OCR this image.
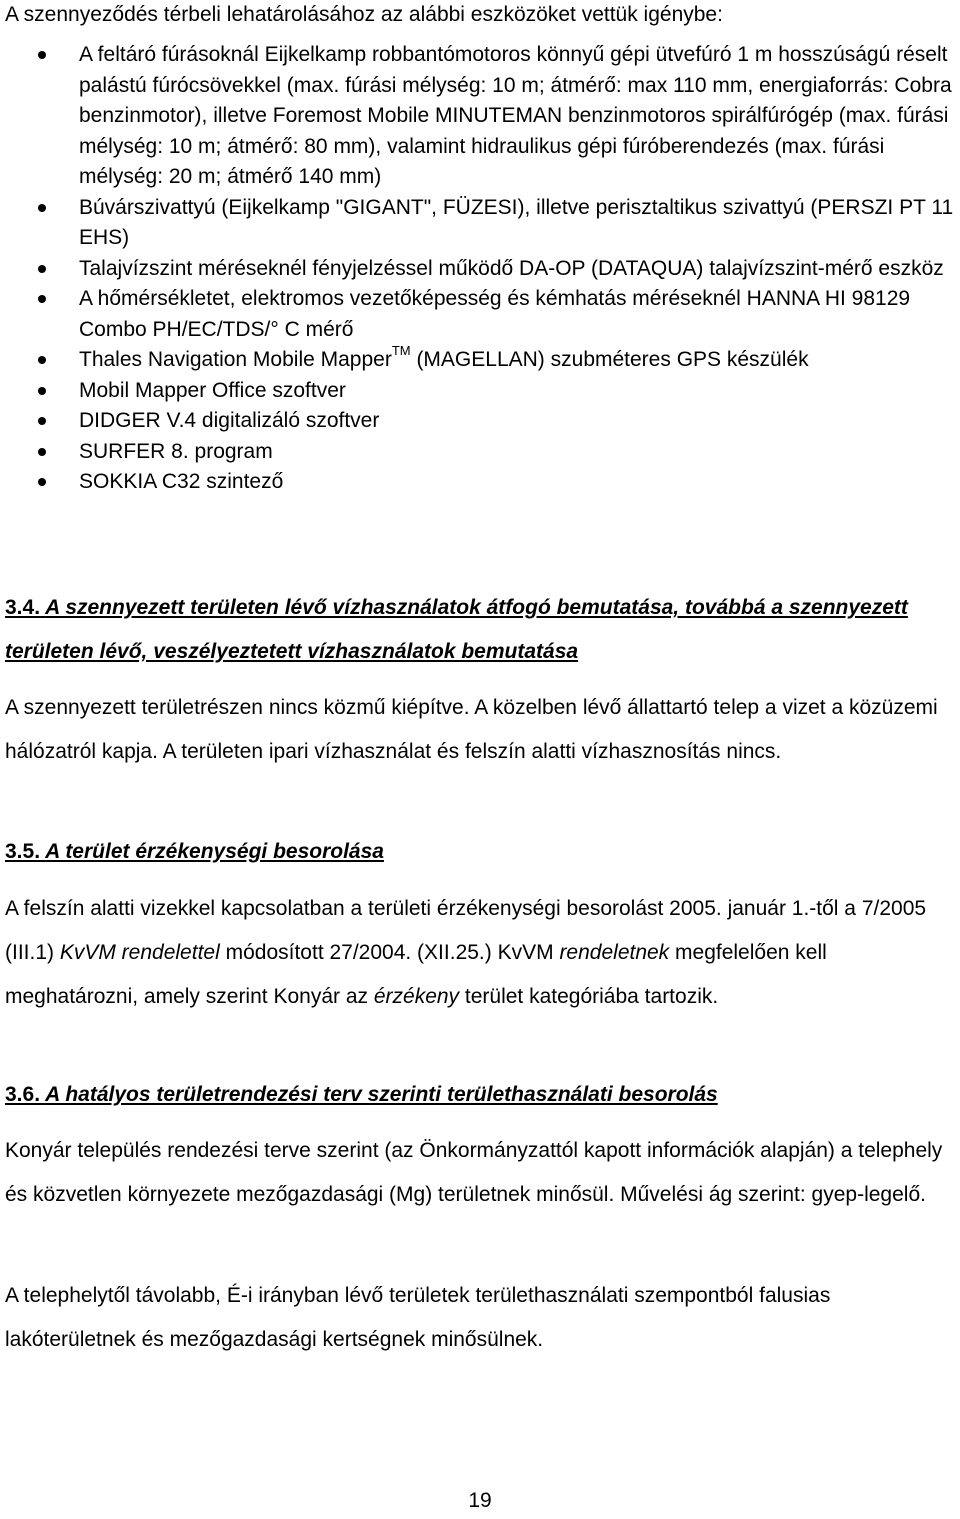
A szennyeződés térbeli lehatárolásához az alábbi eszközöket vettük igénybe:

A feltáró fúrásoknál Eijkelkamp robbantómotoros könnyű gépi ütvefúró 1 m hosszúságú réselt palástú fúrócsövekkel (max. fúrási mélység: 10 m; átmérő: max 110 mm, energiaforrás: Cobra benzinmotor), illetve Foremost Mobile MINUTEMAN benzinmotoros spirálfúrógép (max. fúrási mélység: 10 m; átmérő: 80 mm), valamint hidraulikus gépi fúróberendezés (max. fúrási mélység: 20 m; átmérő 140 mm)
Búvárszivattyú (Eijkelkamp "GIGANT", FÜZESI), illetve perisztaltikus szivattyú (PERSZI PT 11 EHS)
Talajvízszint méréseknél fényjelzéssel működő DA-OP (DATAQUA) talajvízszint-mérő eszköz
A hőmérsékletet, elektromos vezetőképesség és kémhatás méréseknél HANNA HI 98129 Combo PH/EC/TDS/° C mérő
Thales Navigation Mobile Mapper™ (MAGELLAN) szubméteres GPS készülék
Mobil Mapper Office szoftver
DIDGER V.4 digitalizáló szoftver
SURFER 8. program
SOKKIA C32 szintező
3.4. A szennyezett területen lévő vízhasználatok átfogó bemutatása, továbbá a szennyezett területen lévő, veszélyeztetett vízhasználatok bemutatása

A szennyezett területrészen nincs közmű kiépítve. A közelben lévő állattartó telep a vizet a közüzemi hálózatról kapja. A területen ipari vízhasználat és felszín alatti vízhasznosítás nincs.

3.5. A terület érzékenységi besorolása

A felszín alatti vizekkel kapcsolatban a területi érzékenységi besorolást 2005. január 1.-től a 7/2005 (III.1) KvVM rendelettel módosított 27/2004. (XII.25.) KvVM rendeletnek megfelelően kell meghatározni, amely szerint Konyár az érzékeny terület kategóriába tartozik.

3.6. A hatályos területrendezési terv szerinti területhasználati besorolás

Konyár település rendezési terve szerint (az Önkormányzattól kapott információk alapján) a telephely és közvetlen környezete mezőgazdasági (Mg) területnek minősül. Művelési ág szerint: gyep-legelő.

A telephelytől távolabb, É-i irányban lévő területek területhasználati szempontból falusias lakóterületnek és mezőgazdasági kertségnek minősülnek.

19
